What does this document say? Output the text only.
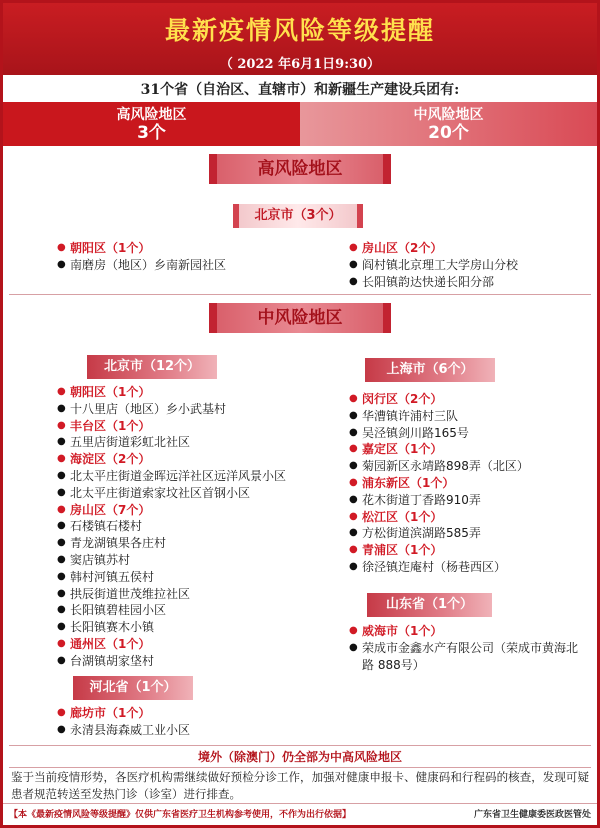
最新疫情风险等级提醒
（ 2022 年6月1日9:30）
31个省（自治区、直辖市）和新疆生产建设兵团有:
高风险地区
3个
中风险地区
20个
高风险地区
北京市（3个）
● 朝阳区（1个）
● 南磨房（地区）乡南新园社区
● 房山区（2个）
● 阎村镇北京理工大学房山分校
● 长阳镇韵达快递长阳分部
中风险地区
北京市（12个）
● 朝阳区（1个）
● 十八里店（地区）乡小武基村
● 丰台区（1个）
● 五里店街道彩虹北社区
● 海淀区（2个）
● 北太平庄街道金晖远洋社区远洋风景小区
● 北太平庄街道索家坟社区首钢小区
● 房山区（7个）
● 石楼镇石楼村
● 青龙湖镇果各庄村
● 窦店镇苏村
● 韩村河镇五侯村
● 拱辰街道世茂维拉社区
● 长阳镇碧桂园小区
● 长阳镇赛木小镇
● 通州区（1个）
● 台湖镇胡家垡村
河北省（1个）
● 廊坊市（1个）
● 永清县海森威工业小区
上海市（6个）
● 闵行区（2个）
● 华漕镇许浦村三队
● 吴泾镇剑川路165号
● 嘉定区（1个）
● 菊园新区永靖路898弄（北区）
● 浦东新区（1个）
● 花木街道丁香路910弄
● 松江区（1个）
● 方松街道滨湖路585弄
● 青浦区（1个）
● 徐泾镇迮庵村（杨巷西区）
山东省（1个）
● 威海市（1个）
● 荣成市金鑫水产有限公司（荣成市黄海北路 888号）
境外（除澳门）仍全部为中高风险地区
鉴于当前疫情形势，各医疗机构需继续做好预检分诊工作，加强对健康申报卡、健康码和行程码的核查，发现可疑患者规范转送至发热门诊（诊室）进行排查。
【本《最新疫情风险等级提醒》仅供广东省医疗卫生机构参考使用，不作为出行依据】	广东省卫生健康委医政医管处
